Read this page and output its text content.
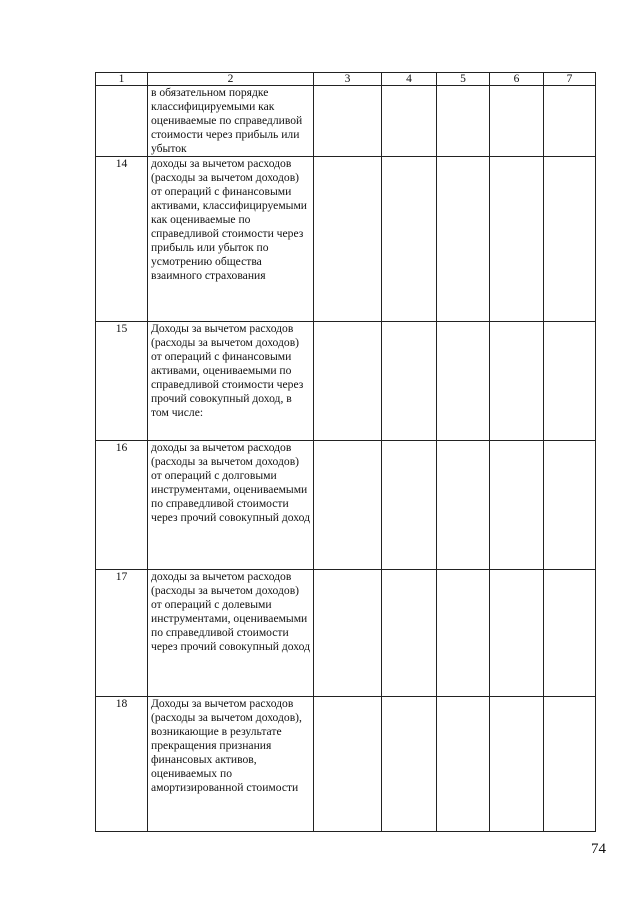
1	2	3	4	5	6	7
	в обязательном порядке классифицируемыми как оцениваемые по справедливой стоимости через прибыль или убыток					
14	доходы за вычетом расходов (расходы за вычетом доходов) от операций с финансовыми активами, классифицируемыми как оцениваемые по справедливой стоимости через прибыль или убыток по усмотрению общества взаимного страхования					
15	Доходы за вычетом расходов (расходы за вычетом доходов) от операций с финансовыми активами, оцениваемыми по справедливой стоимости через прочий совокупный доход, в том числе:					
16	доходы за вычетом расходов (расходы за вычетом доходов) от операций с долговыми инструментами, оцениваемыми по справедливой стоимости через прочий совокупный доход					
17	доходы за вычетом расходов (расходы за вычетом доходов) от операций с долевыми инструментами, оцениваемыми по справедливой стоимости через прочий совокупный доход					
18	Доходы за вычетом расходов (расходы за вычетом доходов), возникающие в результате прекращения признания финансовых активов, оцениваемых по амортизированной стоимости					
74
